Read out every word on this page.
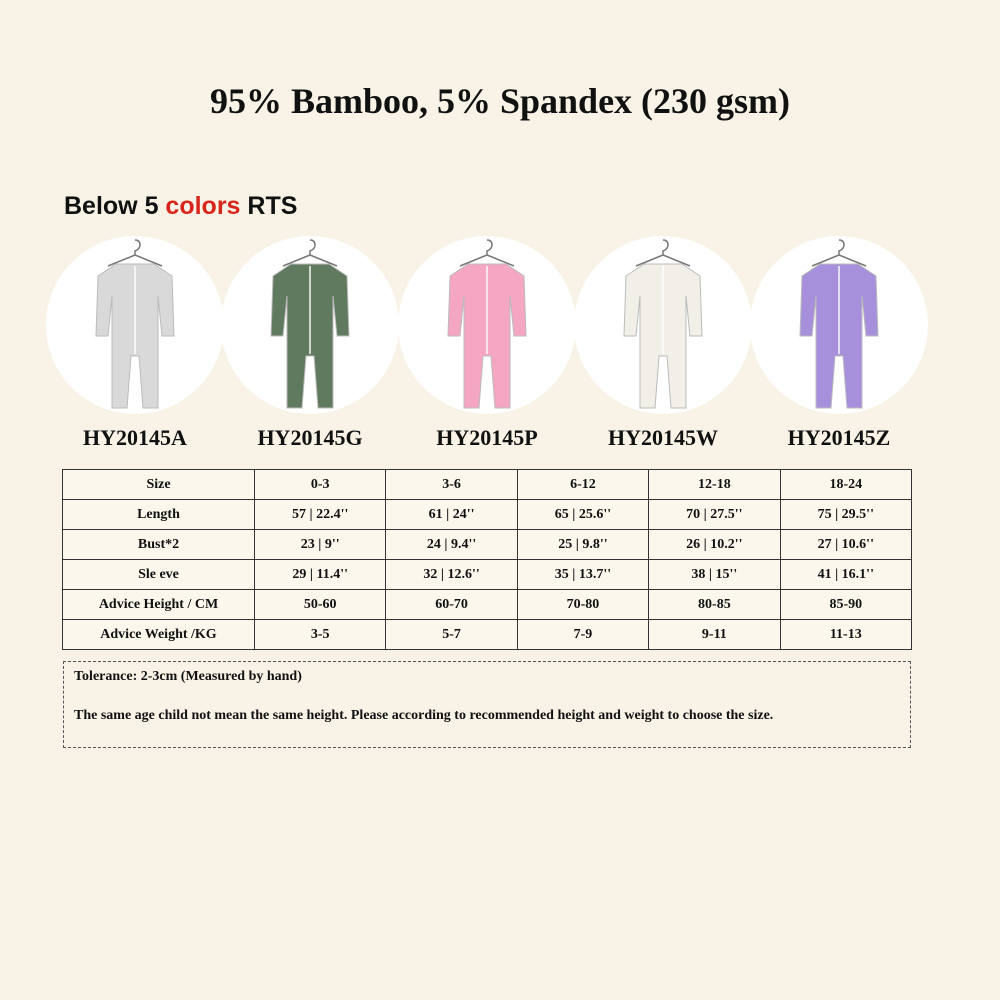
95% Bamboo, 5% Spandex (230 gsm)
Below 5 colors RTS
HY20145A	HY20145G	HY20145P	HY20145W	HY20145Z
Size	0-3	3-6	6-12	12-18	18-24
Length	57 | 22.4''	61 | 24''	65 | 25.6''	70 | 27.5''	75 | 29.5''
Bust*2	23 | 9''	24 | 9.4''	25 | 9.8''	26 | 10.2''	27 | 10.6''
Sle eve	29 | 11.4''	32 | 12.6''	35 | 13.7''	38 | 15''	41 | 16.1''
Advice Height / CM	50-60	60-70	70-80	80-85	85-90
Advice Weight /KG	3-5	5-7	7-9	9-11	11-13

Tolerance: 2-3cm (Measured by hand)

The same age child not mean the same height. Please according to recommended height and weight to choose the size.
